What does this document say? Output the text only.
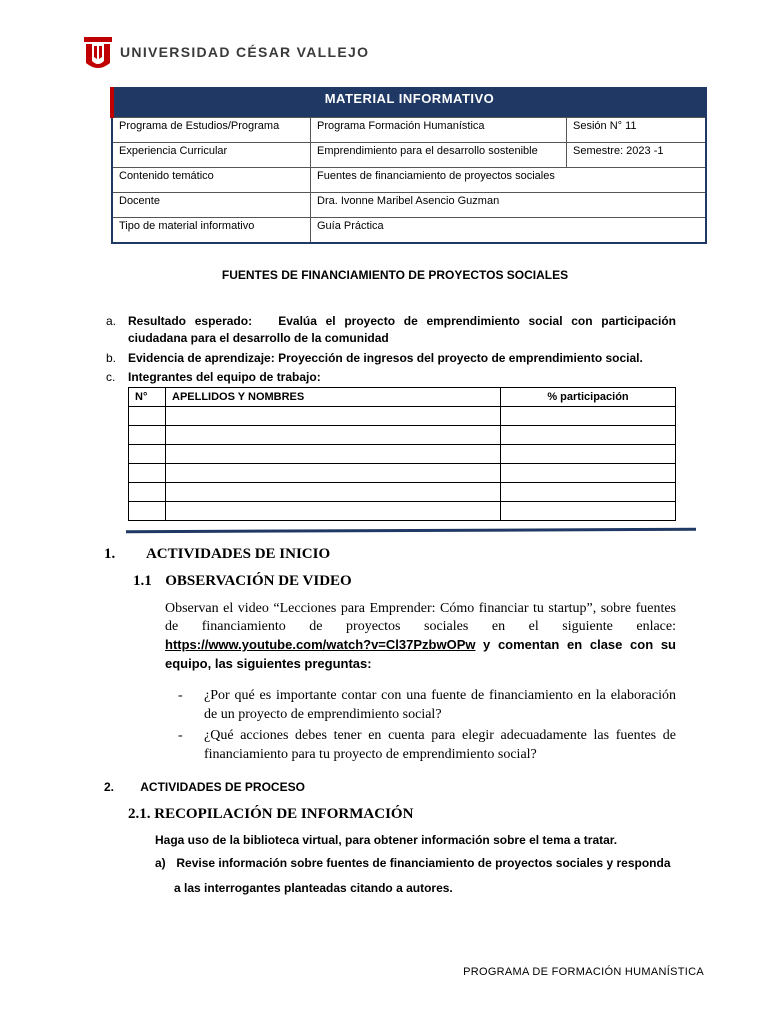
UNIVERSIDAD CÉSAR VALLEJO
MATERIAL INFORMATIVO		
Programa de Estudios/Programa	Programa Formación Humanística	Sesión N° 11
Experiencia Curricular	Emprendimiento para el desarrollo sostenible	Semestre: 2023 -1
Contenido temático	Fuentes de financiamiento de proyectos sociales	
Docente	Dra. Ivonne Maribel Asencio Guzman	
Tipo de material informativo	Guía Práctica	
FUENTES DE FINANCIAMIENTO DE PROYECTOS SOCIALES
a. Resultado esperado: Evalúa el proyecto de emprendimiento social con participación ciudadana para el desarrollo de la comunidad
b. Evidencia de aprendizaje: Proyección de ingresos del proyecto de emprendimiento social.
c.	Integrantes del equipo de trabajo:
N°	APELLIDOS Y NOMBRES	% participación

1. ACTIVIDADES DE INICIO
1.1 OBSERVACIÓN DE VIDEO
Observan el video “Lecciones para Emprender: Cómo financiar tu startup”, sobre fuentes de financiamiento de proyectos sociales en el siguiente enlace: https://www.youtube.com/watch?v=Cl37PzbwOPw y comentan en clase con su equipo, las siguientes preguntas:
-	¿Por qué es importante contar con una fuente de financiamiento en la elaboración de un proyecto de emprendimiento social?
-	¿Qué acciones debes tener en cuenta para elegir adecuadamente las fuentes de financiamiento para tu proyecto de emprendimiento social?
2. ACTIVIDADES DE PROCESO
2.1. RECOPILACIÓN DE INFORMACIÓN
Haga uso de la biblioteca virtual, para obtener información sobre el tema a tratar.
a) Revise información sobre fuentes de financiamiento de proyectos sociales y responda
a las interrogantes planteadas citando a autores.
PROGRAMA DE FORMACIÓN HUMANÍSTICA
